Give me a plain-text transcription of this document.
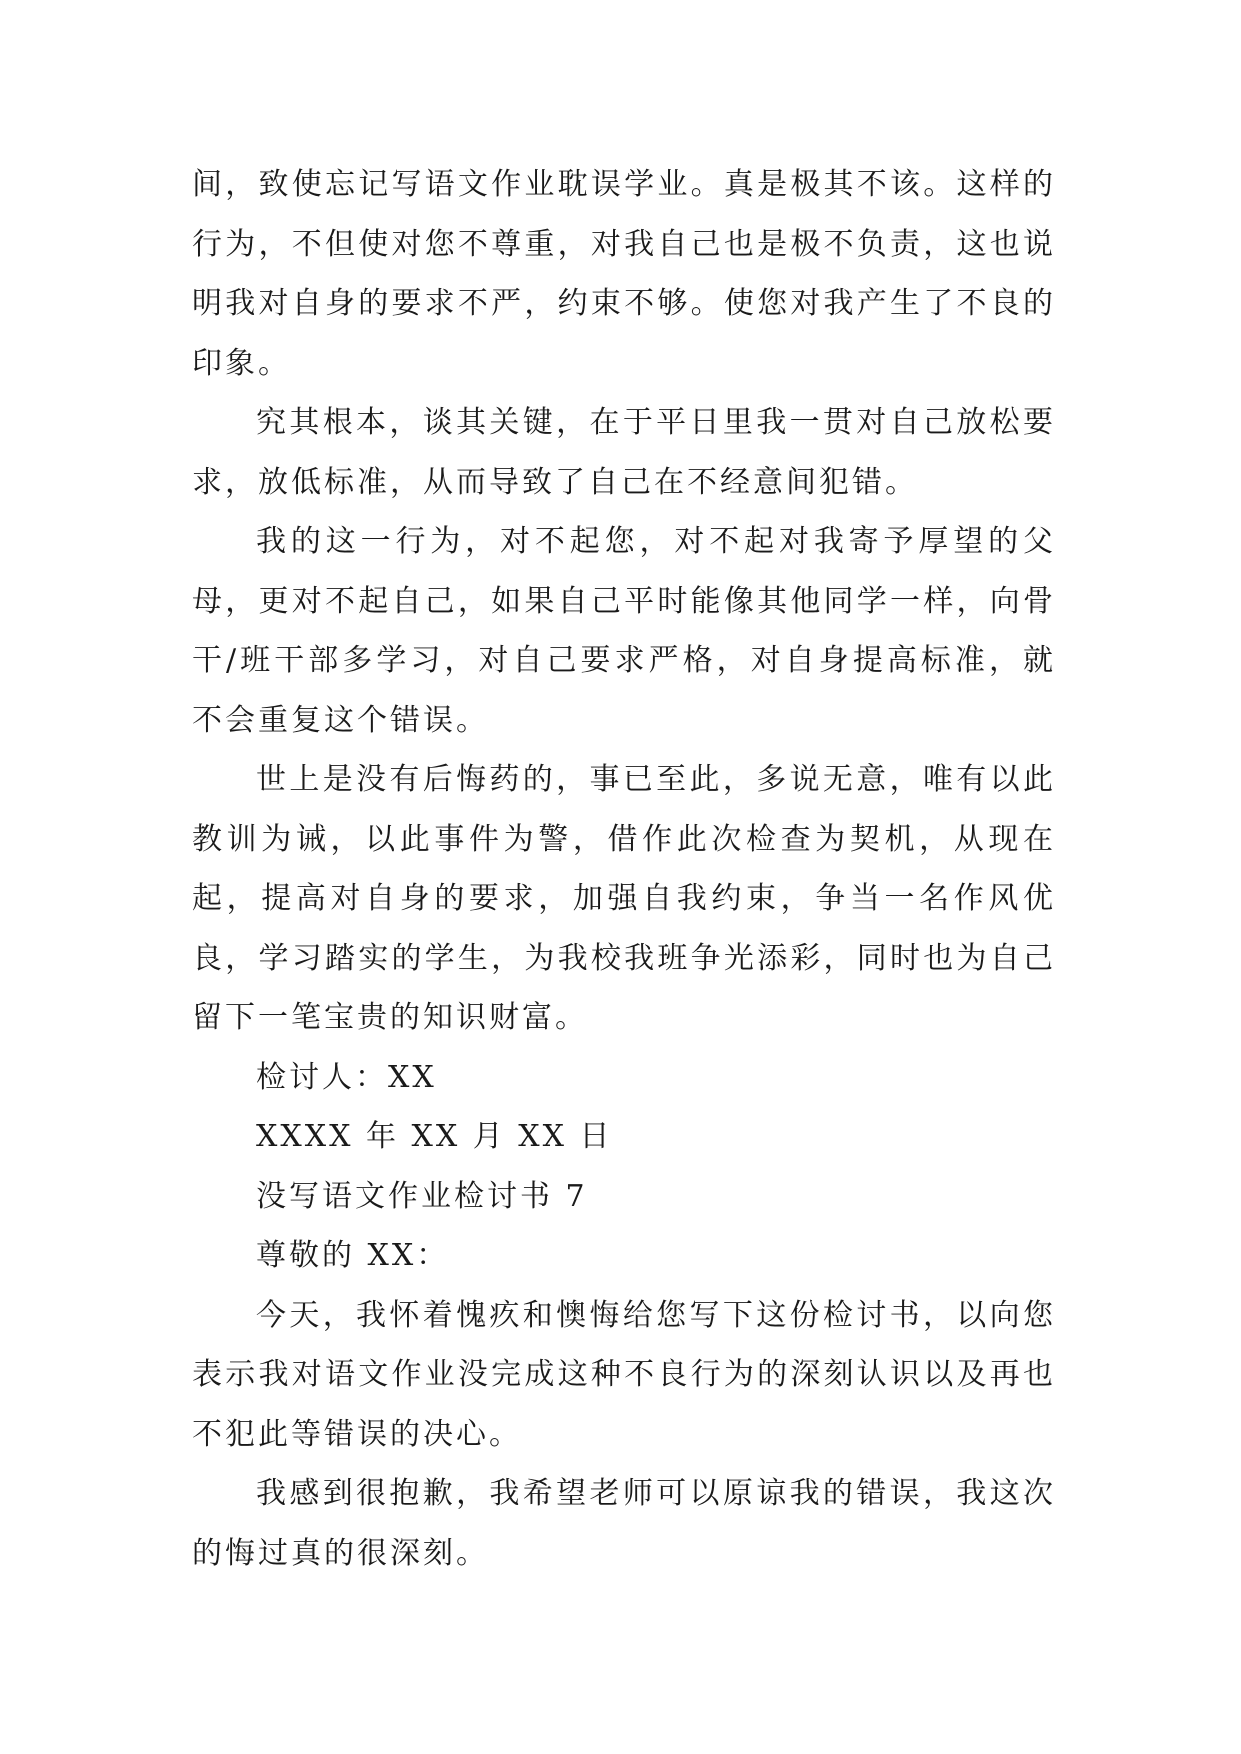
间，致使忘记写语文作业耽误学业。真是极其不该。这样的行为，不但使对您不尊重，对我自己也是极不负责，这也说明我对自身的要求不严，约束不够。使您对我产生了不良的印象。

究其根本，谈其关键，在于平日里我一贯对自己放松要求，放低标准，从而导致了自己在不经意间犯错。

我的这一行为，对不起您，对不起对我寄予厚望的父母，更对不起自己，如果自己平时能像其他同学一样，向骨干/班干部多学习，对自己要求严格，对自身提高标准，就不会重复这个错误。

世上是没有后悔药的，事已至此，多说无意，唯有以此教训为诫，以此事件为警，借作此次检查为契机，从现在起，提高对自身的要求，加强自我约束，争当一名作风优良，学习踏实的学生，为我校我班争光添彩，同时也为自己留下一笔宝贵的知识财富。

检讨人：XX

XXXX 年 XX 月 XX 日

没写语文作业检讨书 7

尊敬的 XX：

今天，我怀着愧疚和懊悔给您写下这份检讨书，以向您表示我对语文作业没完成这种不良行为的深刻认识以及再也不犯此等错误的决心。

我感到很抱歉，我希望老师可以原谅我的错误，我这次的悔过真的很深刻。
